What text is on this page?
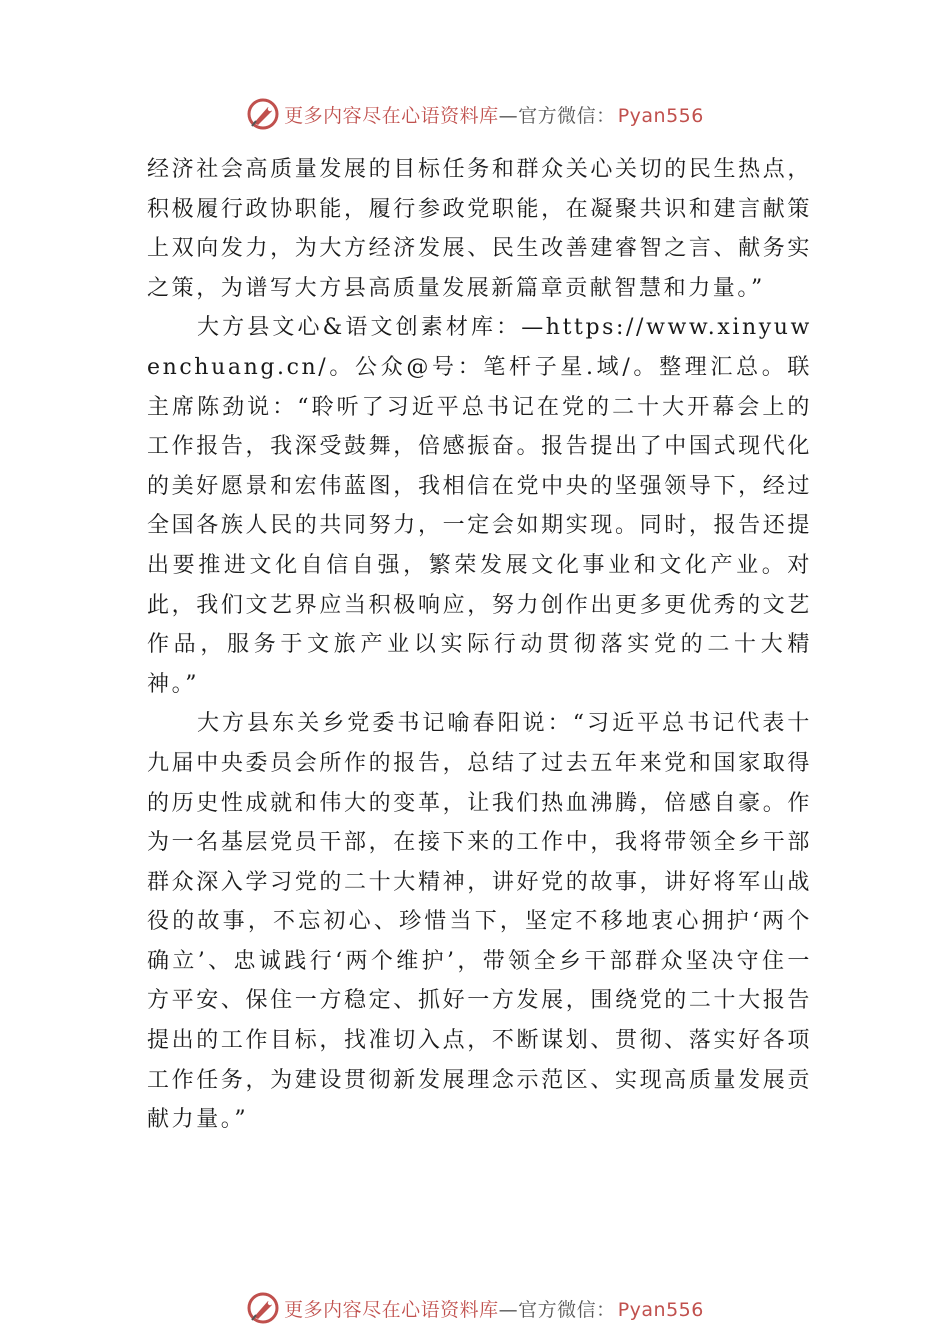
更多内容尽在心语资料库—官方微信： Pyan556

经济社会高质量发展的目标任务和群众关心关切的民生热点，积极履行政协职能，履行参政党职能，在凝聚共识和建言献策上双向发力，为大方经济发展、民生改善建睿智之言、献务实之策，为谱写大方县高质量发展新篇章贡献智慧和力量。”

大方县文心&语文创素材库：—https://www.xinyuwenchuang.cn/。公众@号：笔杆子星.域/。整理汇总。联主席陈劲说：“聆听了习近平总书记在党的二十大开幕会上的工作报告，我深受鼓舞，倍感振奋。报告提出了中国式现代化的美好愿景和宏伟蓝图，我相信在党中央的坚强领导下，经过全国各族人民的共同努力，一定会如期实现。同时，报告还提出要推进文化自信自强，繁荣发展文化事业和文化产业。对此，我们文艺界应当积极响应，努力创作出更多更优秀的文艺作品，服务于文旅产业以实际行动贯彻落实党的二十大精神。”

大方县东关乡党委书记喻春阳说：“习近平总书记代表十九届中央委员会所作的报告，总结了过去五年来党和国家取得的历史性成就和伟大的变革，让我们热血沸腾，倍感自豪。作为一名基层党员干部，在接下来的工作中，我将带领全乡干部群众深入学习党的二十大精神，讲好党的故事，讲好将军山战役的故事，不忘初心、珍惜当下，坚定不移地衷心拥护‘两个确立’、忠诚践行‘两个维护’，带领全乡干部群众坚决守住一方平安、保住一方稳定、抓好一方发展，围绕党的二十大报告提出的工作目标，找准切入点，不断谋划、贯彻、落实好各项工作任务，为建设贯彻新发展理念示范区、实现高质量发展贡献力量。”

更多内容尽在心语资料库—官方微信： Pyan556
